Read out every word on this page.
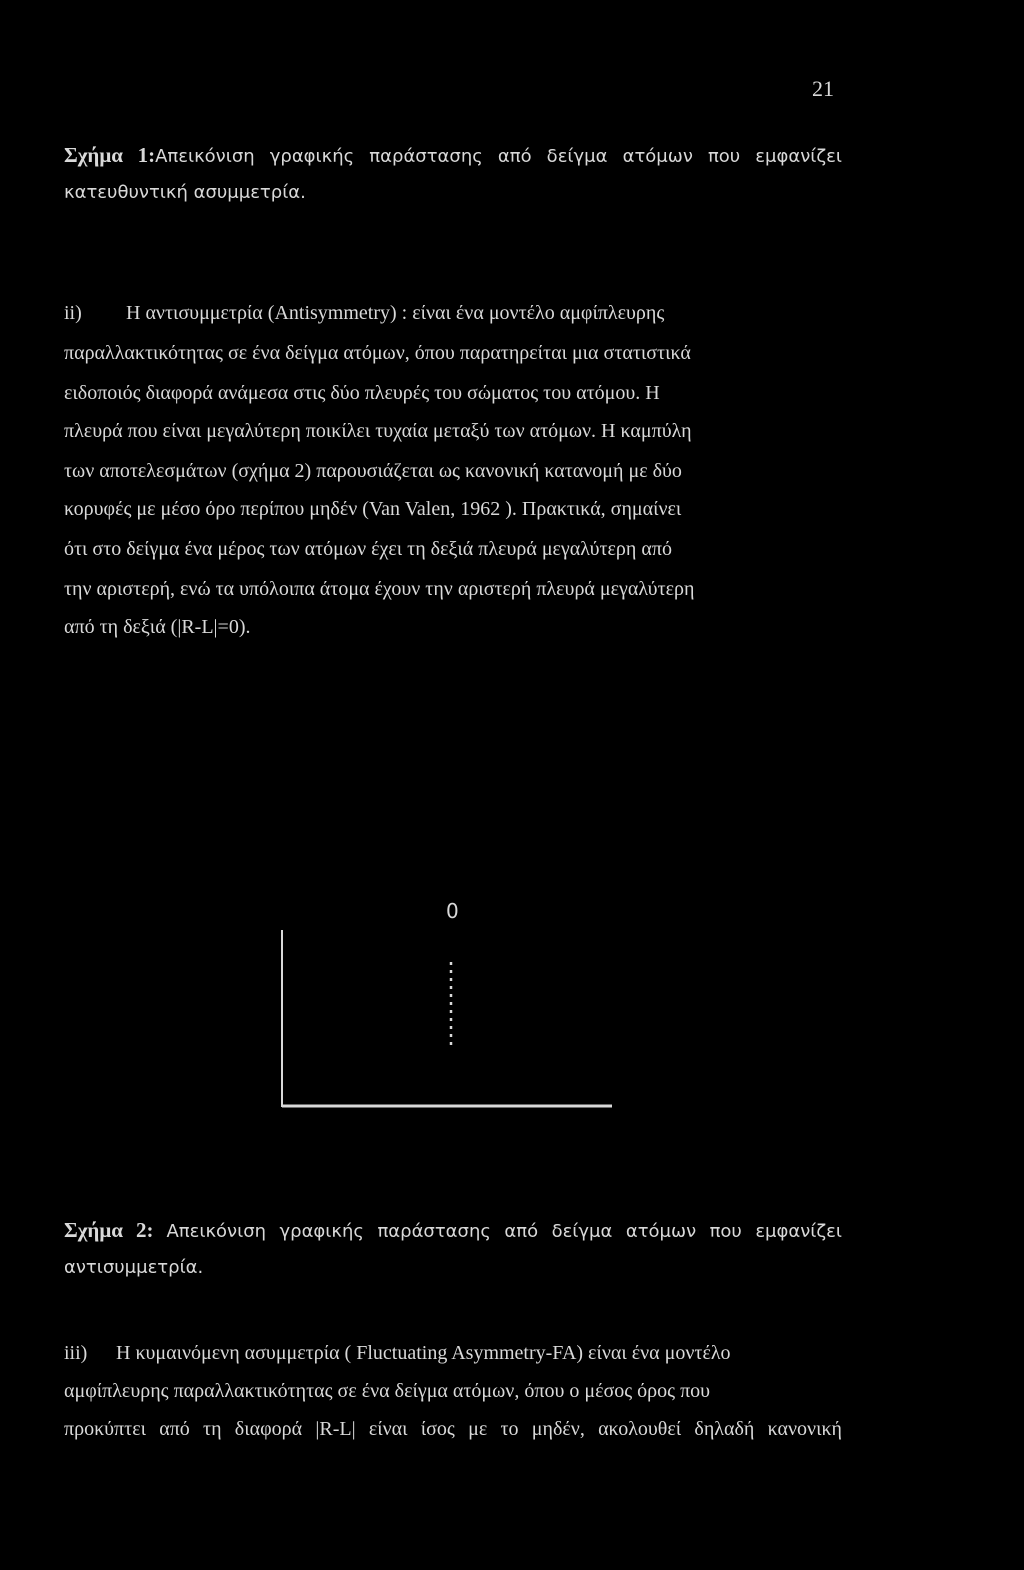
21
Σχήμα 1:Απεικόνιση γραφικής παράστασης από δείγμα ατόμων που εμφανίζει κατευθυντική ασυμμετρία.
ii) Η αντισυμμετρία (Antisymmetry) : είναι ένα μοντέλο αμφίπλευρης
παραλλακτικότητας σε ένα δείγμα ατόμων, όπου παρατηρείται μια στατιστικά
ειδοποιός διαφορά ανάμεσα στις δύο πλευρές του σώματος του ατόμου. Η
πλευρά που είναι μεγαλύτερη ποικίλει τυχαία μεταξύ των ατόμων. Η καμπύλη
των αποτελεσμάτων (σχήμα 2) παρουσιάζεται ως κανονική κατανομή με δύο
κορυφές με μέσο όρο περίπου μηδέν (Van Valen, 1962 ). Πρακτικά, σημαίνει
ότι στο δείγμα ένα μέρος των ατόμων έχει τη δεξιά πλευρά μεγαλύτερη από
την αριστερή, ενώ τα υπόλοιπα άτομα έχουν την αριστερή πλευρά μεγαλύτερη
από τη δεξιά (|R-L|=0).
0
Σχήμα 2: Απεικόνιση γραφικής παράστασης από δείγμα ατόμων που εμφανίζει αντισυμμετρία.
iii) Η κυμαινόμενη ασυμμετρία ( Fluctuating Asymmetry-FA) είναι ένα μοντέλο
αμφίπλευρης παραλλακτικότητας σε ένα δείγμα ατόμων, όπου ο μέσος όρος που
προκύπτει από τη διαφορά |R-L| είναι ίσος με το μηδέν, ακολουθεί δηλαδή κανονική
